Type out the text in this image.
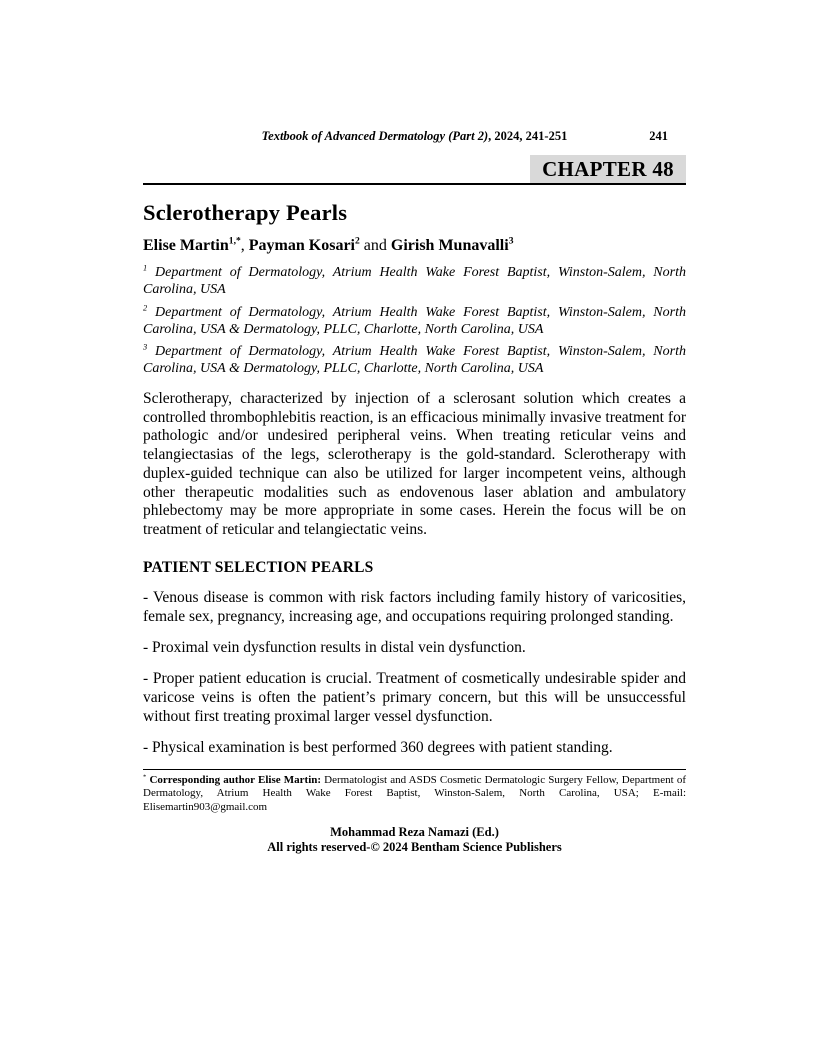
Textbook of Advanced Dermatology (Part 2), 2024, 241-251	241
CHAPTER 48
Sclerotherapy Pearls
Elise Martin$^{1,*}$, Payman Kosari$^2$ and Girish Munavalli$^3$

$^1$ Department of Dermatology, Atrium Health Wake Forest Baptist, Winston-Salem, North Carolina, USA

$^2$ Department of Dermatology, Atrium Health Wake Forest Baptist, Winston-Salem, North Carolina, USA & Dermatology, PLLC, Charlotte, North Carolina, USA

$^3$ Department of Dermatology, Atrium Health Wake Forest Baptist, Winston-Salem, North Carolina, USA & Dermatology, PLLC, Charlotte, North Carolina, USA

Sclerotherapy, characterized by injection of a sclerosant solution which creates a controlled thrombophlebitis reaction, is an efficacious minimally invasive treatment for pathologic and/or undesired peripheral veins. When treating reticular veins and telangiectasias of the legs, sclerotherapy is the gold-standard. Sclerotherapy with duplex-guided technique can also be utilized for larger incompetent veins, although other therapeutic modalities such as endovenous laser ablation and ambulatory phlebectomy may be more appropriate in some cases. Herein the focus will be on treatment of reticular and telangiectatic veins.

PATIENT SELECTION PEARLS

- Venous disease is common with risk factors including family history of varicosities, female sex, pregnancy, increasing age, and occupations requiring prolonged standing.

- Proximal vein dysfunction results in distal vein dysfunction.

- Proper patient education is crucial. Treatment of cosmetically undesirable spider and varicose veins is often the patient’s primary concern, but this will be unsuccessful without first treating proximal larger vessel dysfunction.

- Physical examination is best performed 360 degrees with patient standing.

* Corresponding author Elise Martin: Dermatologist and ASDS Cosmetic Dermatologic Surgery Fellow, Department of Dermatology, Atrium Health Wake Forest Baptist, Winston-Salem, North Carolina, USA; E-mail: Elisemartin903@gmail.com

Mohammad Reza Namazi (Ed.)

All rights reserved-© 2024 Bentham Science Publishers
